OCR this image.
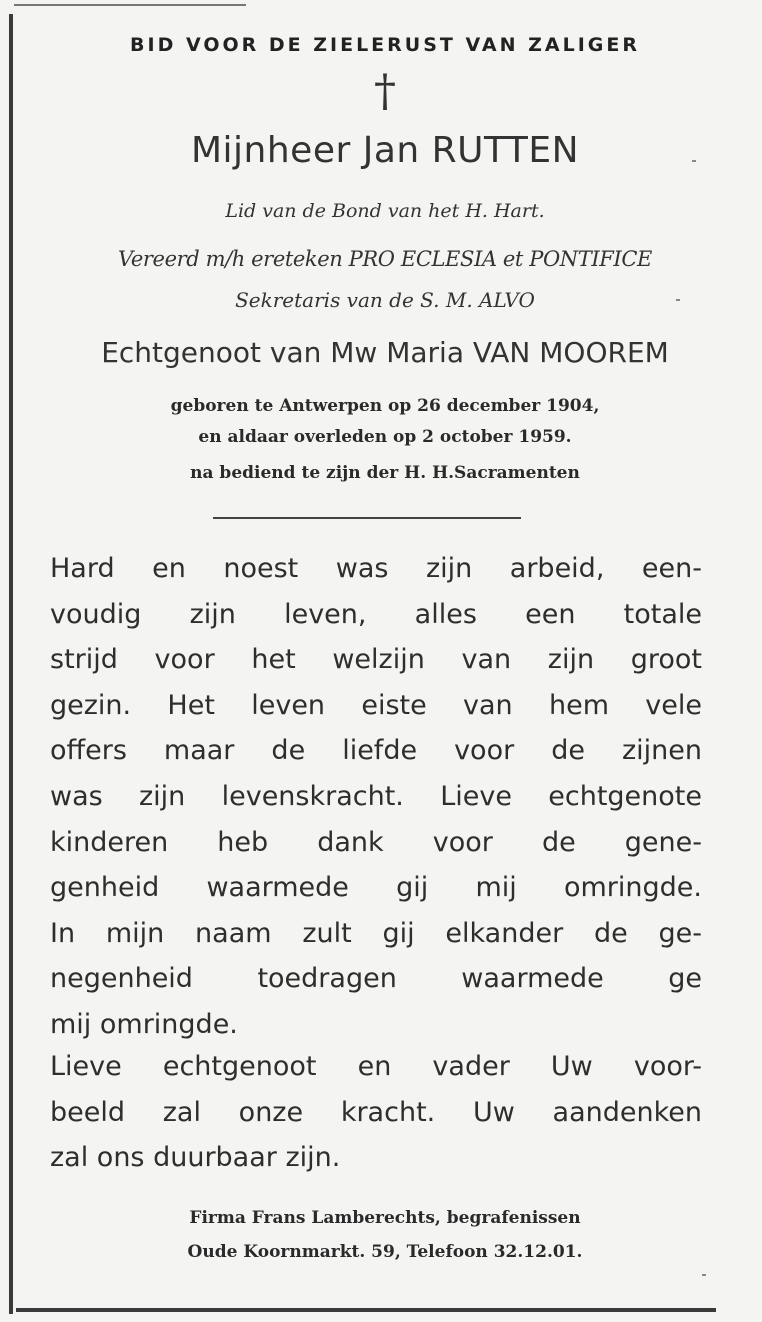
BID VOOR DE ZIELERUST VAN ZALIGER
†
Mijnheer Jan RUTTEN
Lid van de Bond van het H. Hart.
Vereerd m/h ereteken PRO ECLESIA et PONTIFICE
Sekretaris van de S. M. ALVO
Echtgenoot van Mw Maria VAN MOOREM
geboren te Antwerpen op 26 december 1904,
en aldaar overleden op 2 october 1959.
na bediend te zijn der H. H.Sacramenten
Hard en noest was zijn arbeid, een-
voudig zijn leven, alles een totale
strijd voor het welzijn van zijn groot
gezin. Het leven eiste van hem vele
offers maar de liefde voor de zijnen
was zijn levenskracht. Lieve echtgenote
kinderen heb dank voor de gene-
genheid waarmede gij mij omringde.
In mijn naam zult gij elkander de ge-
negenheid toedragen waarmede ge
mij omringde.
Lieve echtgenoot en vader Uw voor-
beeld zal onze kracht. Uw aandenken
zal ons duurbaar zijn.
Firma Frans Lamberechts, begrafenissen
Oude Koornmarkt. 59, Telefoon 32.12.01.
